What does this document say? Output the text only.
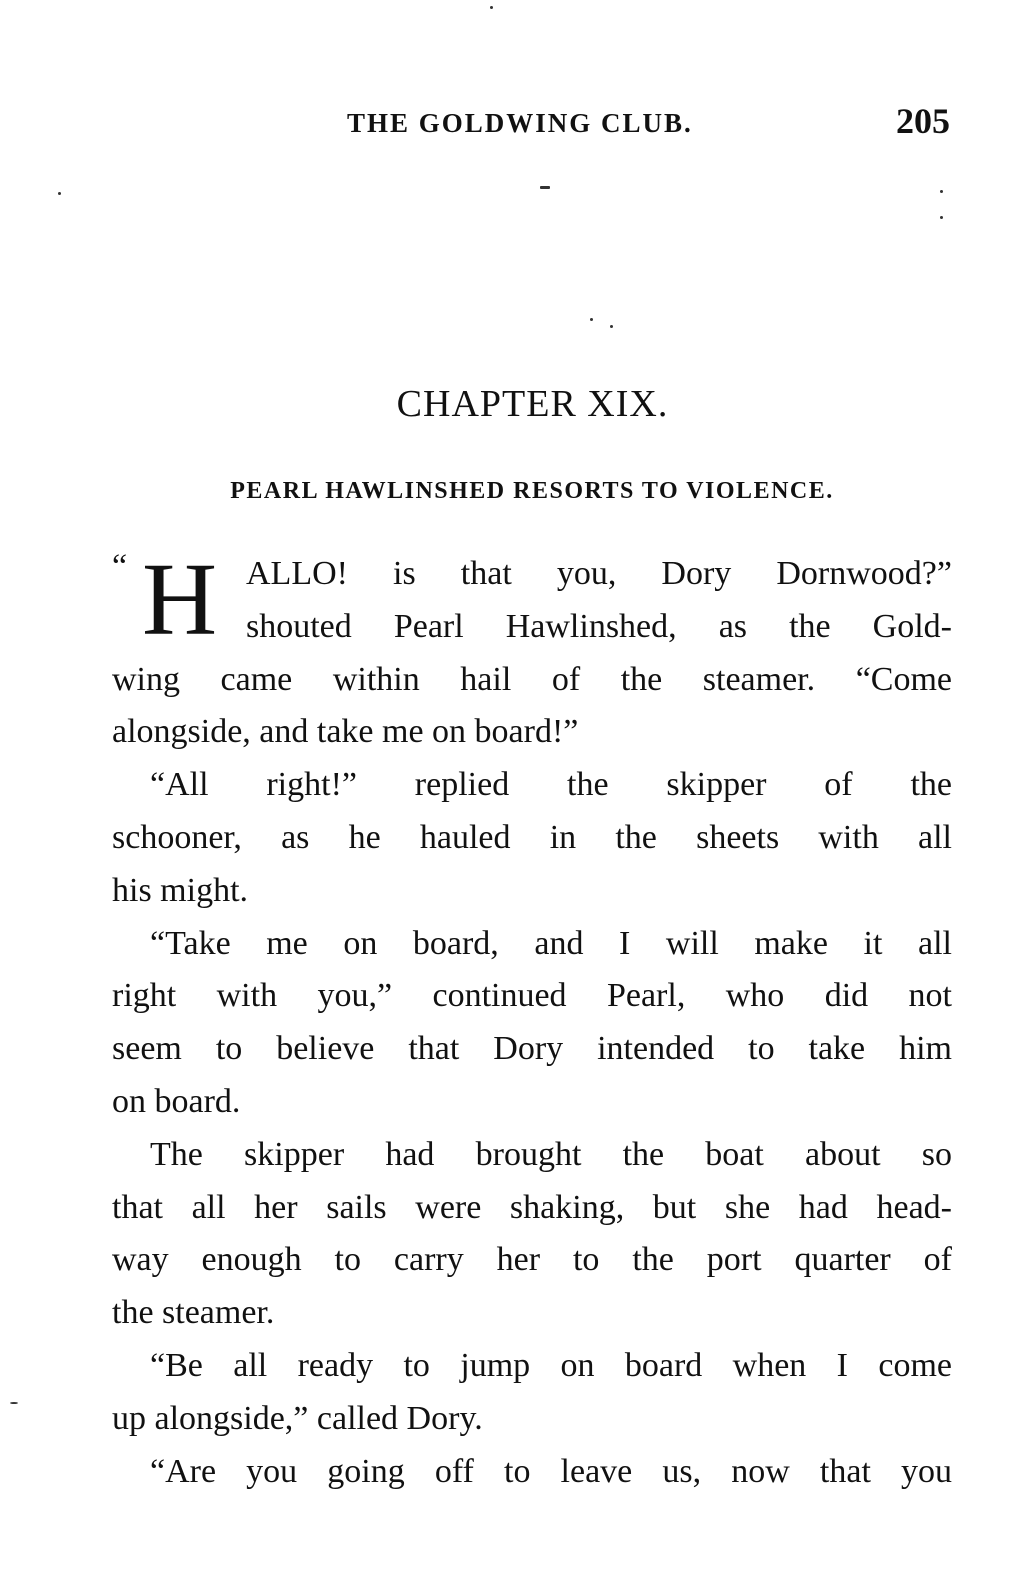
THE GOLDWING CLUB.	205
CHAPTER XIX.
PEARL HAWLINSHED RESORTS TO VIOLENCE.
“ H ALLO! is that you, Dory Dornwood?”
shouted Pearl Hawlinshed, as the Gold-
wing came within hail of the steamer. “Come
alongside, and take me on board!”
“All right!” replied the skipper of the
schooner, as he hauled in the sheets with all
his might.
“Take me on board, and I will make it all
right with you,” continued Pearl, who did not
seem to believe that Dory intended to take him
on board.
The skipper had brought the boat about so
that all her sails were shaking, but she had head-
way enough to carry her to the port quarter of
the steamer.
“Be all ready to jump on board when I come
up alongside,” called Dory.
“Are you going off to leave us, now that you
